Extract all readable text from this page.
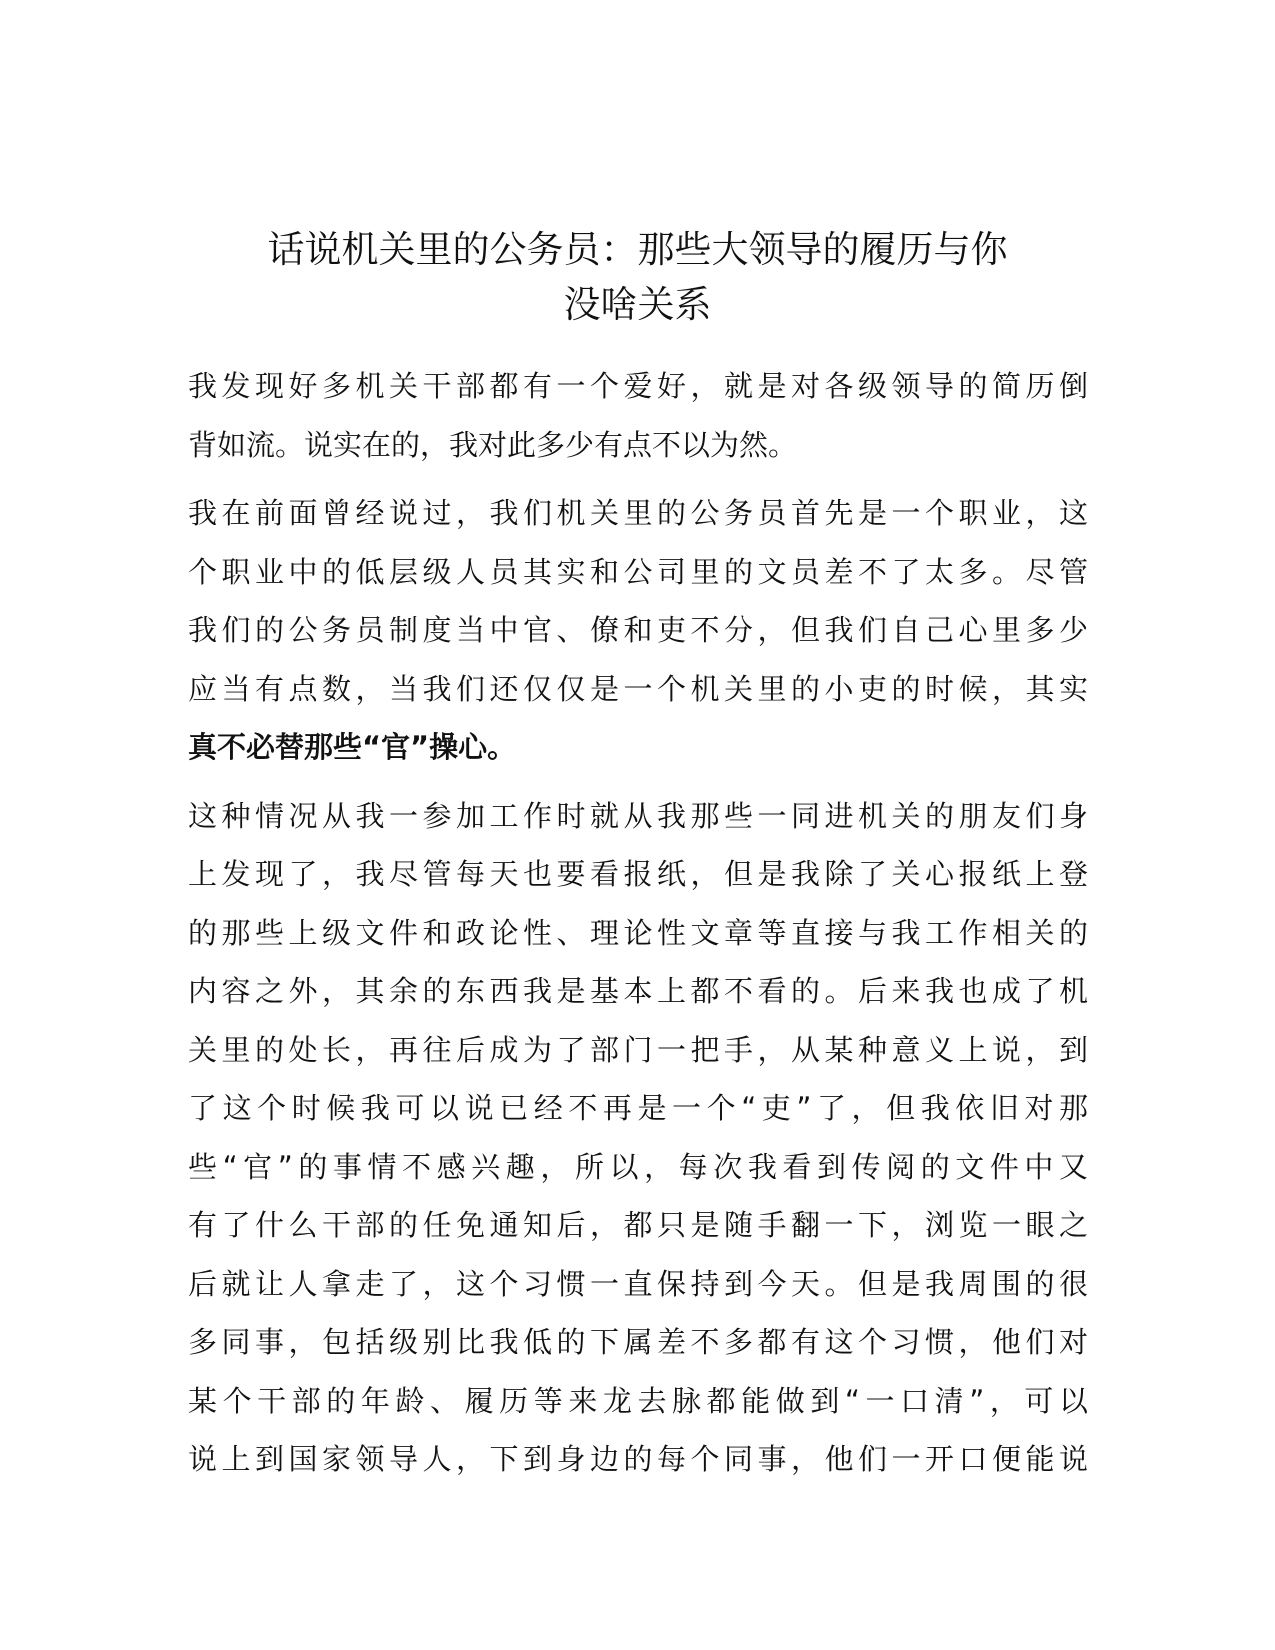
话说机关里的公务员：那些大领导的履历与你
没啥关系
我发现好多机关干部都有一个爱好，就是对各级领导的简历倒
背如流。说实在的，我对此多少有点不以为然。
我在前面曾经说过，我们机关里的公务员首先是一个职业，这
个职业中的低层级人员其实和公司里的文员差不了太多。尽管
我们的公务员制度当中官、僚和吏不分，但我们自己心里多少
应当有点数，当我们还仅仅是一个机关里的小吏的时候，其实
真不必替那些“官”操心。
这种情况从我一参加工作时就从我那些一同进机关的朋友们身
上发现了，我尽管每天也要看报纸，但是我除了关心报纸上登
的那些上级文件和政论性、理论性文章等直接与我工作相关的
内容之外，其余的东西我是基本上都不看的。后来我也成了机
关里的处长，再往后成为了部门一把手，从某种意义上说，到
了这个时候我可以说已经不再是一个“吏”了，但我依旧对那
些“官”的事情不感兴趣，所以，每次我看到传阅的文件中又
有了什么干部的任免通知后，都只是随手翻一下，浏览一眼之
后就让人拿走了，这个习惯一直保持到今天。但是我周围的很
多同事，包括级别比我低的下属差不多都有这个习惯，他们对
某个干部的年龄、履历等来龙去脉都能做到“一口清”，可以
说上到国家领导人，下到身边的每个同事，他们一开口便能说
